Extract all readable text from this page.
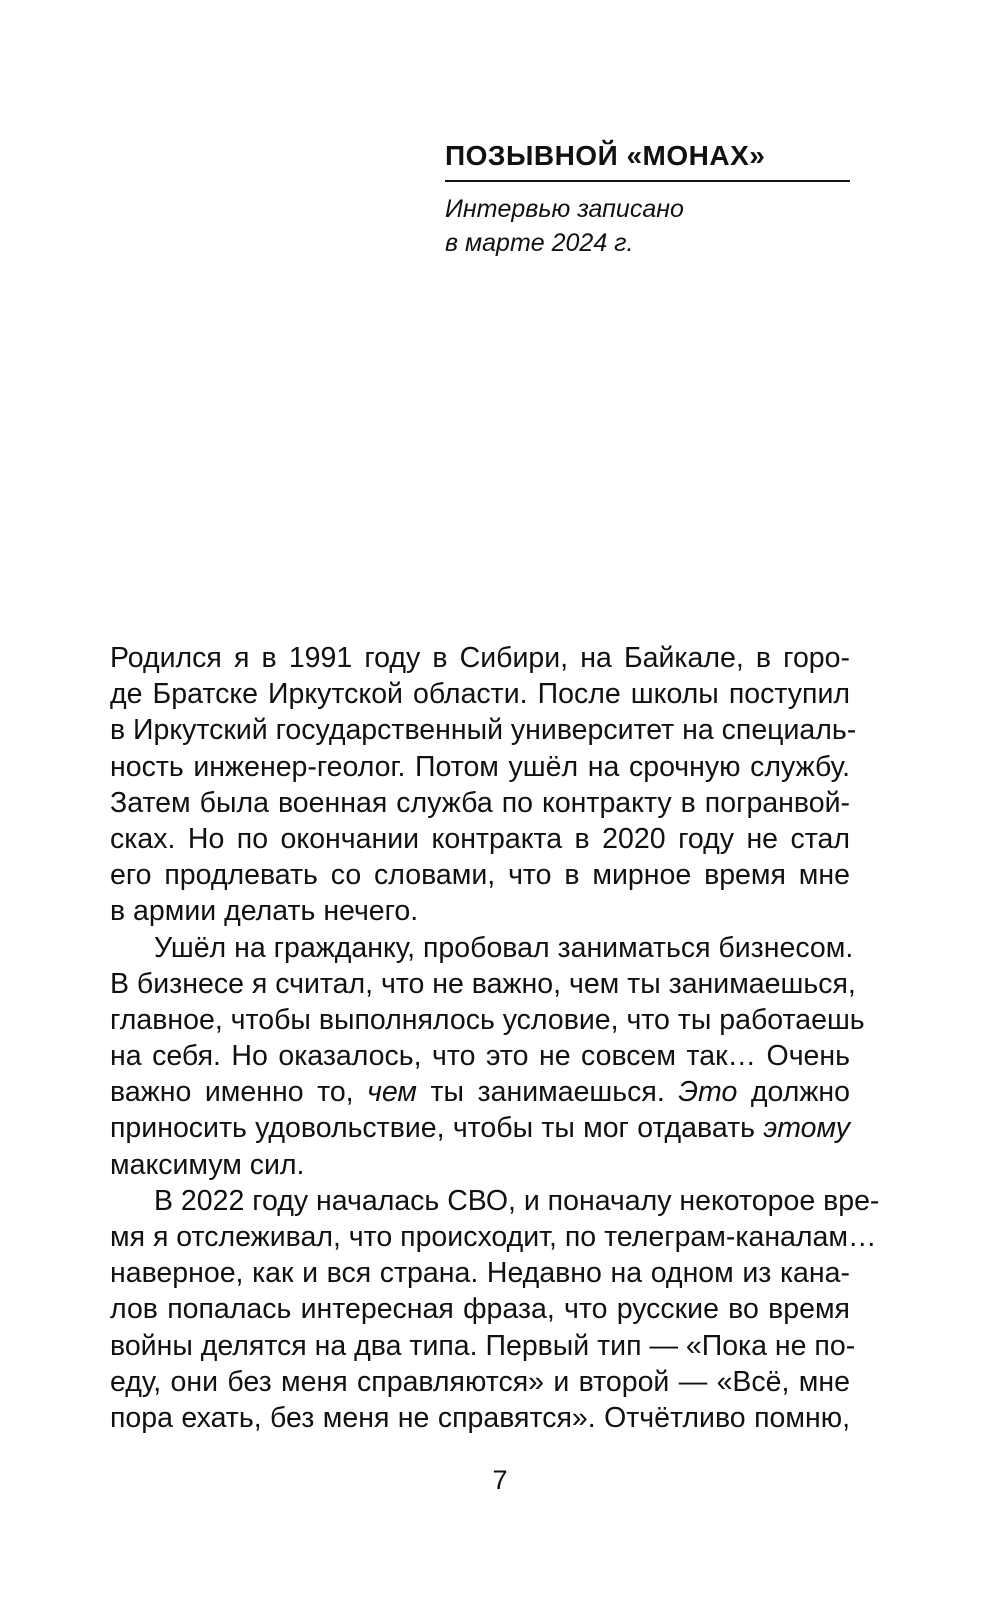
ПОЗЫВНОЙ «МОНАХ»
Интервью записано
в марте 2024 г.
Родился я в 1991 году в Сибири, на Байкале, в горо-
де Братске Иркутской области. После школы поступил
в Иркутский государственный университет на специаль-
ность инженер-геолог. Потом ушёл на срочную службу.
Затем была военная служба по контракту в погранвой-
сках. Но по окончании контракта в 2020 году не стал
его продлевать со словами, что в мирное время мне
в армии делать нечего.
Ушёл на гражданку, пробовал заниматься бизнесом.
В бизнесе я считал, что не важно, чем ты занимаешься,
главное, чтобы выполнялось условие, что ты работаешь
на себя. Но оказалось, что это не совсем так… Очень
важно именно то, чем ты занимаешься. Это должно
приносить удовольствие, чтобы ты мог отдавать этому
максимум сил.
В 2022 году началась СВО, и поначалу некоторое вре-
мя я отслеживал, что происходит, по телеграм-каналам…
наверное, как и вся страна. Недавно на одном из кана-
лов попалась интересная фраза, что русские во время
войны делятся на два типа. Первый тип — «Пока не по-
еду, они без меня справляются» и второй — «Всё, мне
пора ехать, без меня не справятся». Отчётливо помню,
7
